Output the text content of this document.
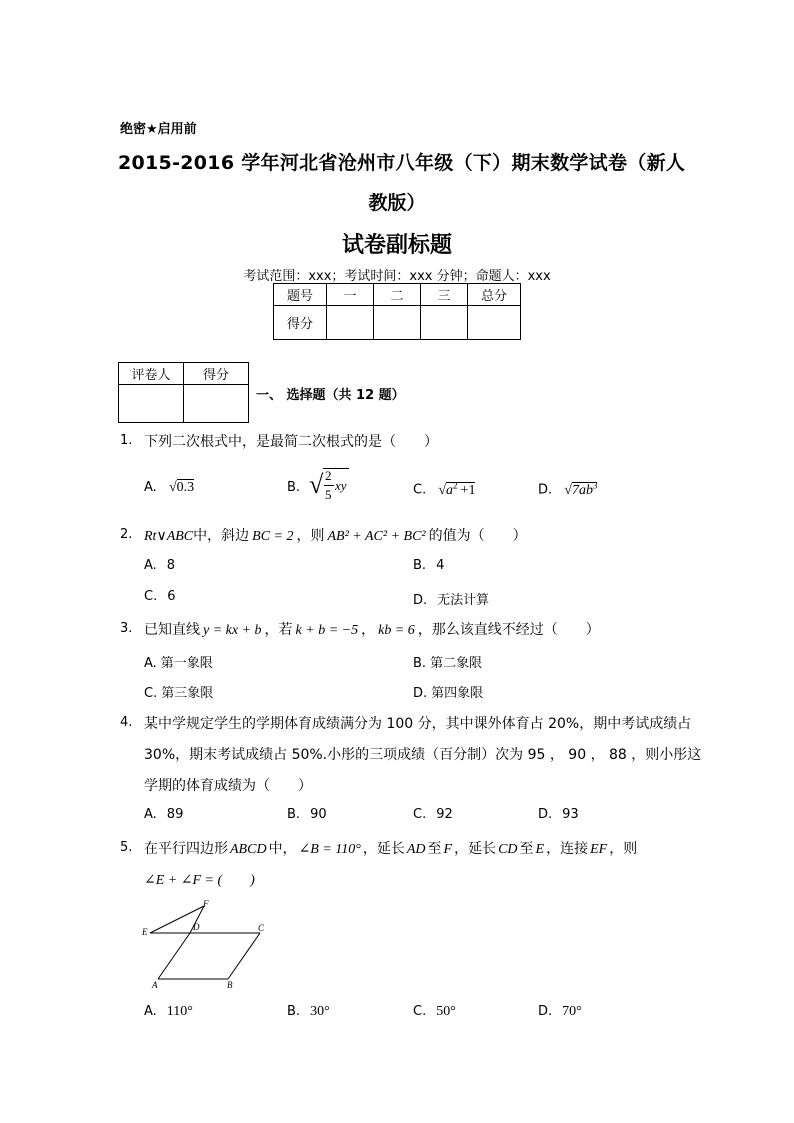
绝密★启用前
2015-2016 学年河北省沧州市八年级（下）期末数学试卷（新人
教版）
试卷副标题
考试范围：xxx；考试时间：xxx 分钟；命题人：xxx
题号	一	二	三	总分
得分				
评卷人	得分

一、 选择题（共 12 题）
1. 下列二次根式中，是最简二次根式的是（　　）
A. √0.3	B. √ 2
5
xy	C. $√a^2 +1$	D. $√7ab^3$
2. Rt∨ABC中，斜边 BC = 2 ，则 AB² + AC² + BC² 的值为（　　）
A. 8	B. 4
C. 6	D. 无法计算
3. 已知直线 y = kx + b ，若 k + b = −5 ， kb = 6 ，那么该直线不经过（　　）
A. 第一象限	B. 第二象限
C. 第三象限	D. 第四象限
4. 某中学规定学生的学期体育成绩满分为 100 分，其中课外体育占 20%，期中考试成绩占
30%，期末考试成绩占 50%.小彤的三项成绩（百分制）次为 95 ， 90 ， 88 ，则小彤这
学期的体育成绩为（　　）
A. 89	B. 90	C. 92	D. 93
5. 在平行四边形 ABCD 中， ∠B = 110° ，延长 AD 至 F ，延长 CD 至 E ，连接 EF ，则
∠E + ∠F = (　　)
F
E	D	C
A	B
A. 110°	B. 30°	C. 50°	D. 70°
